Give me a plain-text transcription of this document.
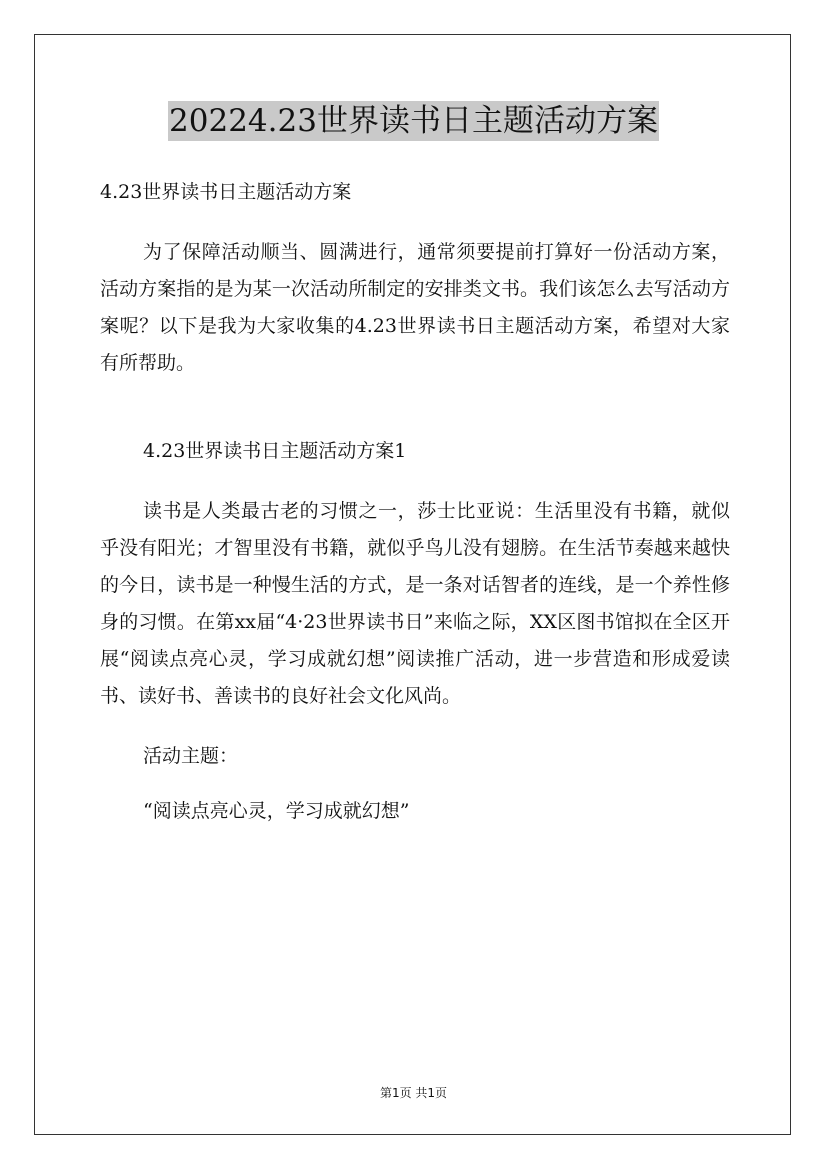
20224.23世界读书日主题活动方案

4.23世界读书日主题活动方案

为了保障活动顺当、圆满进行，通常须要提前打算好一份活动方案，活动方案指的是为某一次活动所制定的安排类文书。我们该怎么去写活动方案呢？以下是我为大家收集的4.23世界读书日主题活动方案，希望对大家有所帮助。

4.23世界读书日主题活动方案1

读书是人类最古老的习惯之一，莎士比亚说：生活里没有书籍，就似乎没有阳光；才智里没有书籍，就似乎鸟儿没有翅膀。在生活节奏越来越快的今日，读书是一种慢生活的方式，是一条对话智者的连线，是一个养性修身的习惯。在第xx届“4·23世界读书日”来临之际，XX区图书馆拟在全区开展“阅读点亮心灵，学习成就幻想”阅读推广活动，进一步营造和形成爱读书、读好书、善读书的良好社会文化风尚。

活动主题：

“阅读点亮心灵，学习成就幻想”

第1页 共1页
